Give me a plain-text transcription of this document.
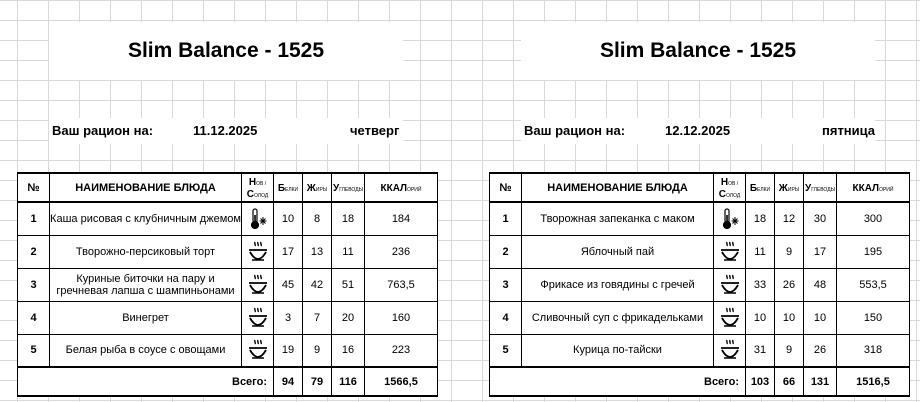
Slim Balance - 1525
Ваш рацион на:	11.12.2025	четверг
№	НАИМЕНОВАНИЕ БЛЮДА	НОВ / СОЛОД	БЕЛКИ	ЖИРЫ	УГЛЕВОДЫ	ККАЛОРИЙ
1	Каша рисовая с клубничным джемом		10	8	18	184
2	Творожно-персиковый торт		17	13	11	236
3	Куриные биточки на пару и гречневая лапша с шампиньонами		45	42	51	763,5
4	Винегрет		3	7	20	160
5	Белая рыба в соусе с овощами		19	9	16	223
Всего:			94	79	116	1566,5
Slim Balance - 1525
Ваш рацион на:	12.12.2025	пятница
№	НАИМЕНОВАНИЕ БЛЮДА	НОВ / СОЛОД	БЕЛКИ	ЖИРЫ	УГЛЕВОДЫ	ККАЛОРИЙ
1	Творожная запеканка с маком		18	12	30	300
2	Яблочный пай		11	9	17	195
3	Фрикасе из говядины с гречей		33	26	48	553,5
4	Сливочный суп с фрикадельками		10	10	10	150
5	Курица по-тайски		31	9	26	318
Всего:			103	66	131	1516,5
